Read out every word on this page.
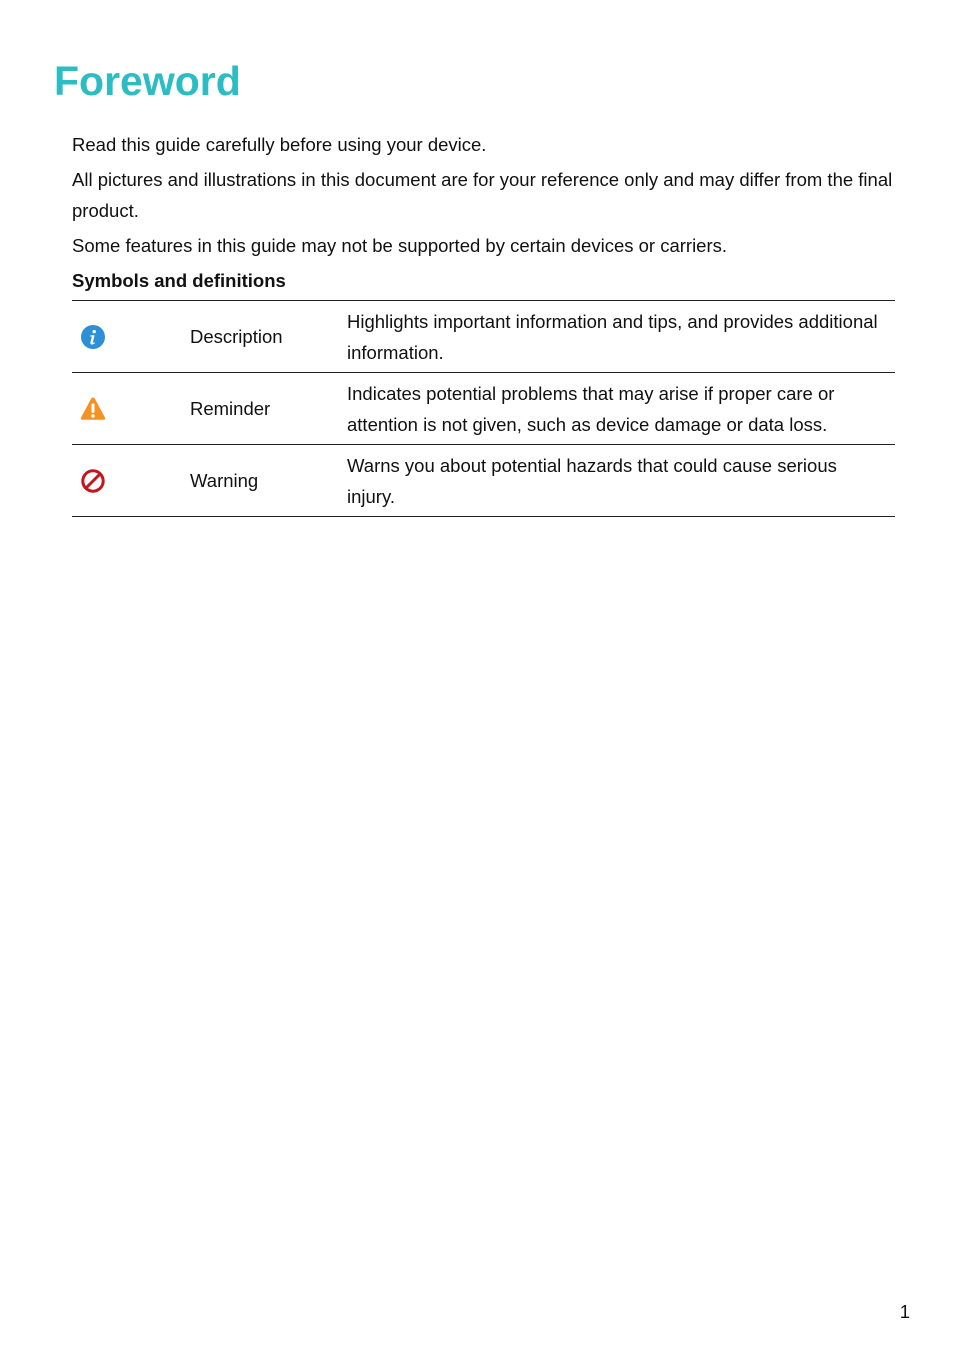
Foreword
Read this guide carefully before using your device.
All pictures and illustrations in this document are for your reference only and may differ from the final product.
Some features in this guide may not be supported by certain devices or carriers.
Symbols and definitions
Description
Highlights important information and tips, and provides additional information.
Reminder
Indicates potential problems that may arise if proper care or attention is not given, such as device damage or data loss.
Warning
Warns you about potential hazards that could cause serious injury.
1
